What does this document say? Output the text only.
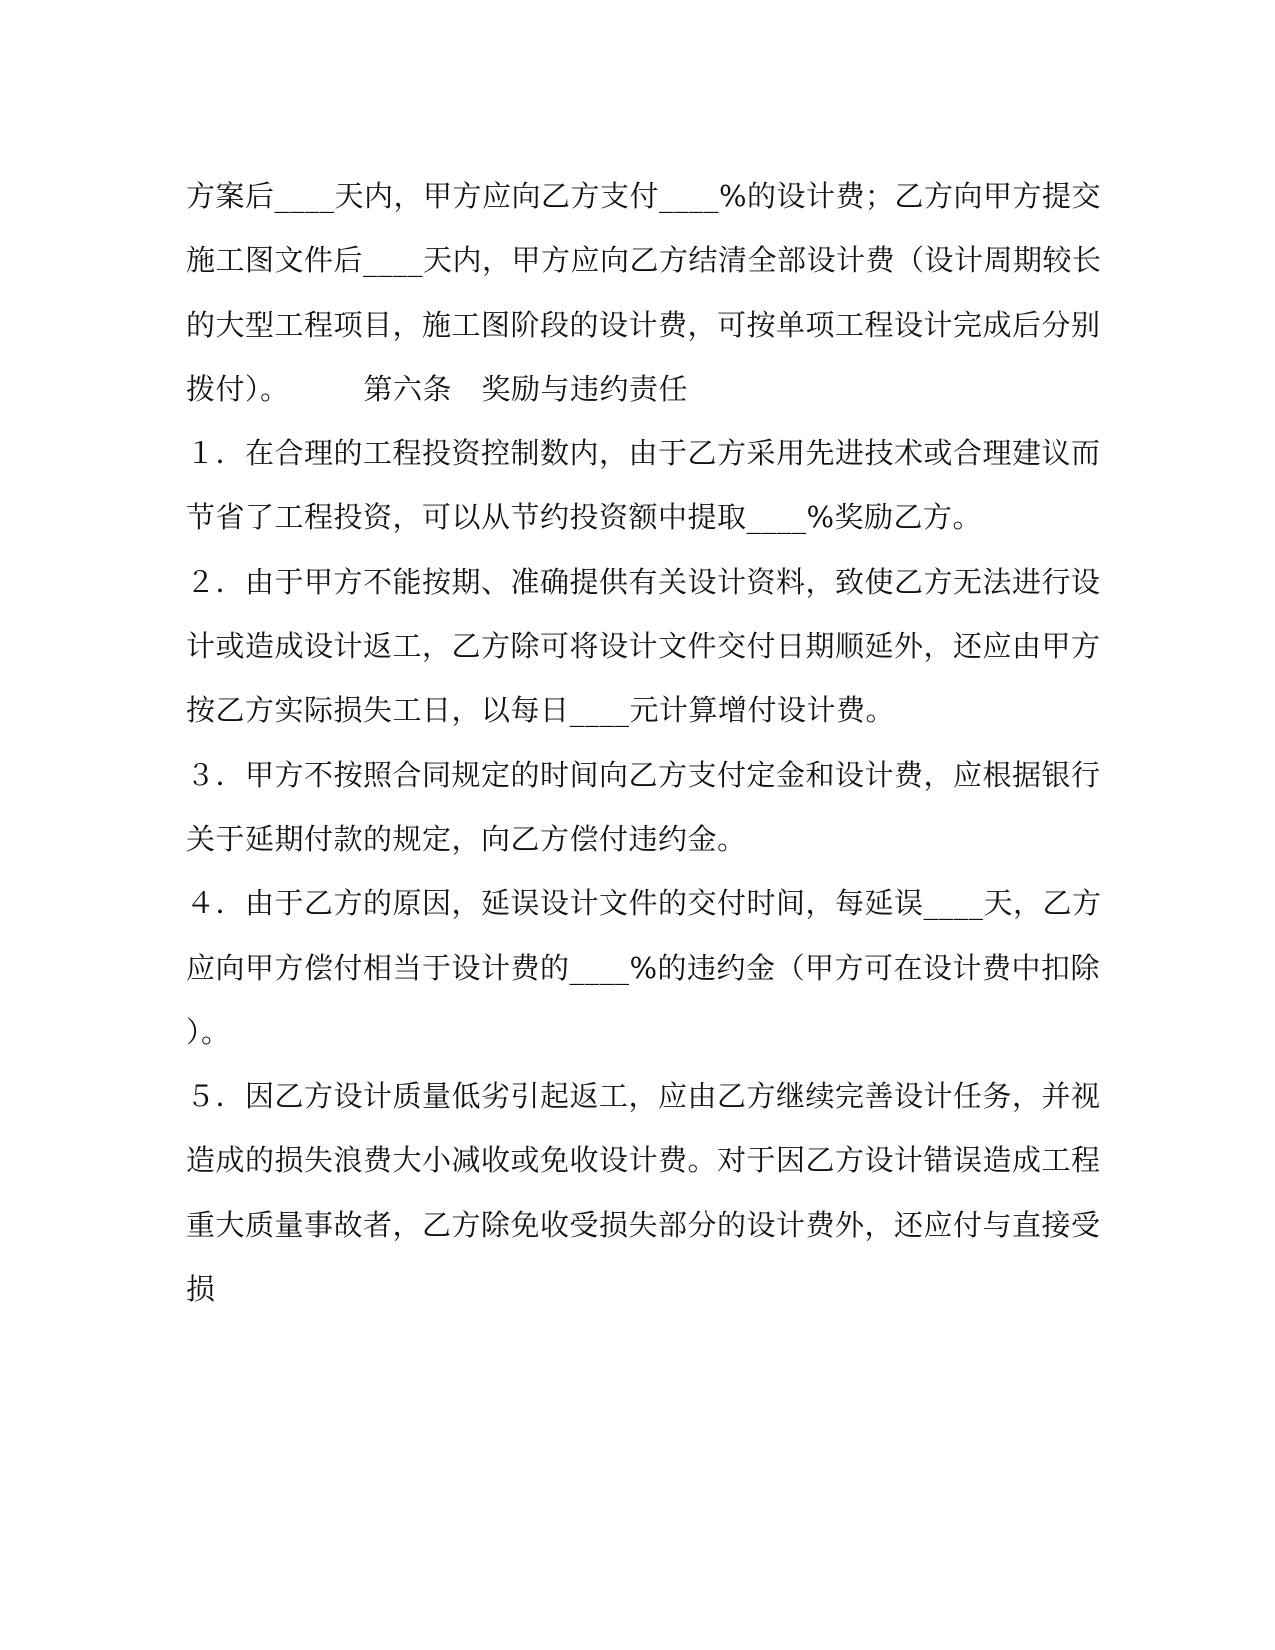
方案后____天内，甲方应向乙方支付____%的设计费；乙方向甲方提交
施工图文件后____天内，甲方应向乙方结清全部设计费（设计周期较长
的大型工程项目，施工图阶段的设计费，可按单项工程设计完成后分别
拨付）。　　　第六条　奖励与违约责任
１．在合理的工程投资控制数内，由于乙方采用先进技术或合理建议而
节省了工程投资，可以从节约投资额中提取____%奖励乙方。
２．由于甲方不能按期、准确提供有关设计资料，致使乙方无法进行设
计或造成设计返工，乙方除可将设计文件交付日期顺延外，还应由甲方
按乙方实际损失工日，以每日____元计算增付设计费。
３．甲方不按照合同规定的时间向乙方支付定金和设计费，应根据银行
关于延期付款的规定，向乙方偿付违约金。
４．由于乙方的原因，延误设计文件的交付时间，每延误____天，乙方
应向甲方偿付相当于设计费的____%的违约金（甲方可在设计费中扣除
）。
５．因乙方设计质量低劣引起返工，应由乙方继续完善设计任务，并视
造成的损失浪费大小减收或免收设计费。对于因乙方设计错误造成工程
重大质量事故者，乙方除免收受损失部分的设计费外，还应付与直接受
损
